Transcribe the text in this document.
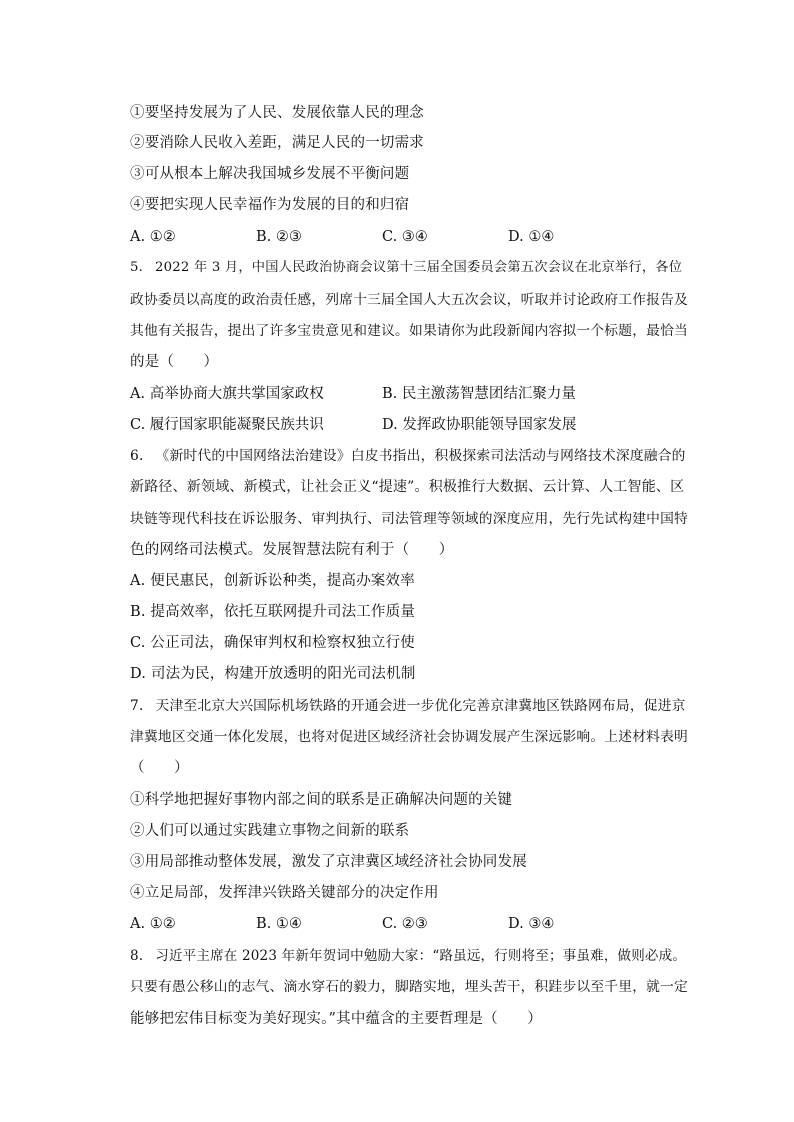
①要坚持发展为了人民、发展依靠人民的理念
②要消除人民收入差距，满足人民的一切需求
③可从根本上解决我国城乡发展不平衡问题
④要把实现人民幸福作为发展的目的和归宿
A. ①②	B. ②③	C. ③④	D. ①④
5. 2022 年 3 月，中国人民政治协商会议第十三届全国委员会第五次会议在北京举行，各位
政协委员以高度的政治责任感，列席十三届全国人大五次会议，听取并讨论政府工作报告及
其他有关报告，提出了许多宝贵意见和建议。如果请你为此段新闻内容拟一个标题，最恰当
的是（　　）
A. 高举协商大旗共掌国家政权	B. 民主激荡智慧团结汇聚力量
C. 履行国家职能凝聚民族共识	D. 发挥政协职能领导国家发展
6. 《新时代的中国网络法治建设》白皮书指出，积极探索司法活动与网络技术深度融合的
新路径、新领域、新模式，让社会正义“提速”。积极推行大数据、云计算、人工智能、区
块链等现代科技在诉讼服务、审判执行、司法管理等领域的深度应用，先行先试构建中国特
色的网络司法模式。发展智慧法院有利于（　　）
A. 便民惠民，创新诉讼种类，提高办案效率
B. 提高效率，依托互联网提升司法工作质量
C. 公正司法，确保审判权和检察权独立行使
D. 司法为民，构建开放透明的阳光司法机制
7. 天津至北京大兴国际机场铁路的开通会进一步优化完善京津冀地区铁路网布局，促进京
津冀地区交通一体化发展，也将对促进区域经济社会协调发展产生深远影响。上述材料表明
（　　）
①科学地把握好事物内部之间的联系是正确解决问题的关键
②人们可以通过实践建立事物之间新的联系
③用局部推动整体发展，激发了京津冀区域经济社会协同发展
④立足局部，发挥津兴铁路关键部分的决定作用
A. ①②	B. ①④	C. ②③	D. ③④
8. 习近平主席在 2023 年新年贺词中勉励大家：“路虽远，行则将至；事虽难，做则必成。
只要有愚公移山的志气、滴水穿石的毅力，脚踏实地，埋头苦干，积跬步以至千里，就一定
能够把宏伟目标变为美好现实。”其中蕴含的主要哲理是（　　）
